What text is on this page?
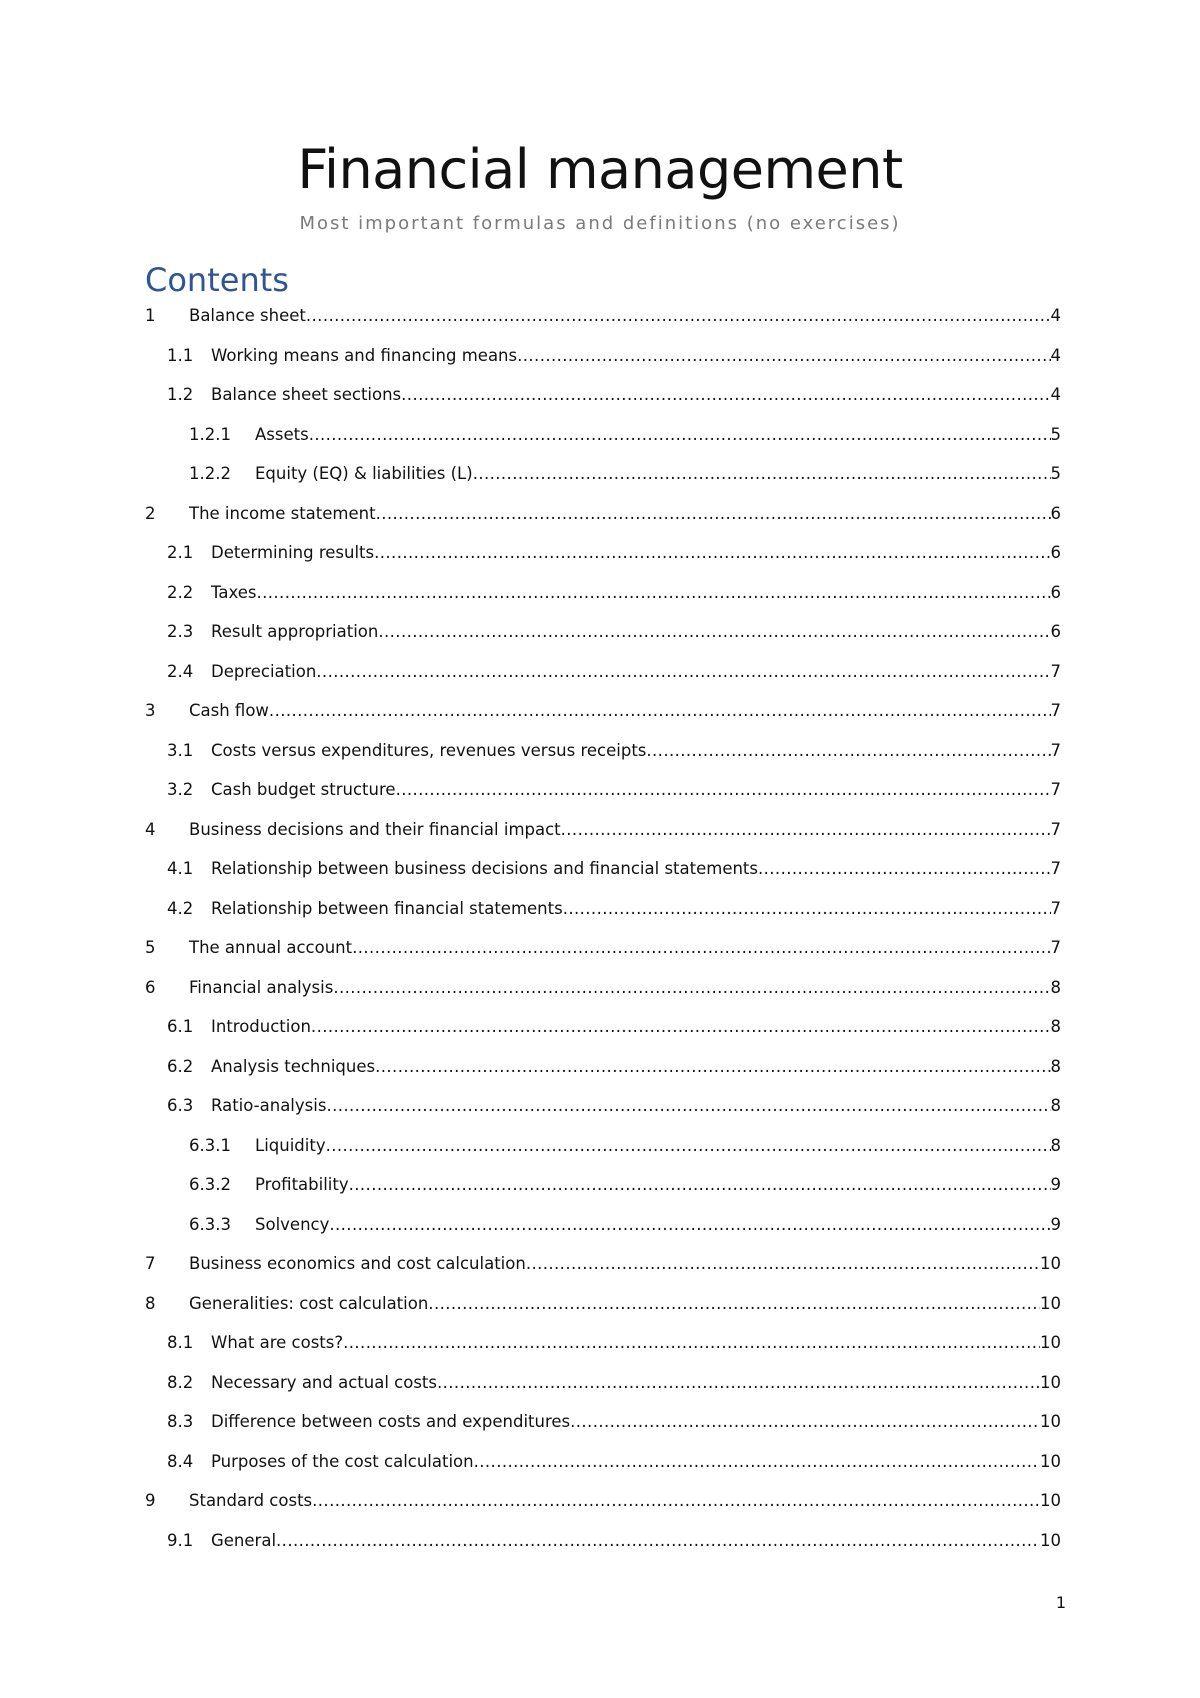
Financial management
Most important formulas and definitions (no exercises)
Contents
1	Balance sheet .....	4
1.1	Working means and financing means .....	4
1.2	Balance sheet sections .....	4
1.2.1	Assets .....	5
1.2.2	Equity (EQ) & liabilities (L) .....	5
2	The income statement .....	6
2.1	Determining results .....	6
2.2	Taxes .....	6
2.3	Result appropriation .....	6
2.4	Depreciation .....	7
3	Cash flow .....	7
3.1	Costs versus expenditures, revenues versus receipts .....	7
3.2	Cash budget structure .....	7
4	Business decisions and their financial impact .....	7
4.1	Relationship between business decisions and financial statements .....	7
4.2	Relationship between financial statements .....	7
5	The annual account .....	7
6	Financial analysis .....	8
6.1	Introduction .....	8
6.2	Analysis techniques .....	8
6.3	Ratio-analysis .....	8
6.3.1	Liquidity .....	8
6.3.2	Profitability .....	9
6.3.3	Solvency .....	9
7	Business economics and cost calculation .....	10
8	Generalities: cost calculation .....	10
8.1	What are costs? .....	10
8.2	Necessary and actual costs .....	10
8.3	Difference between costs and expenditures .....	10
8.4	Purposes of the cost calculation .....	10
9	Standard costs .....	10
9.1	General .....	10
1
